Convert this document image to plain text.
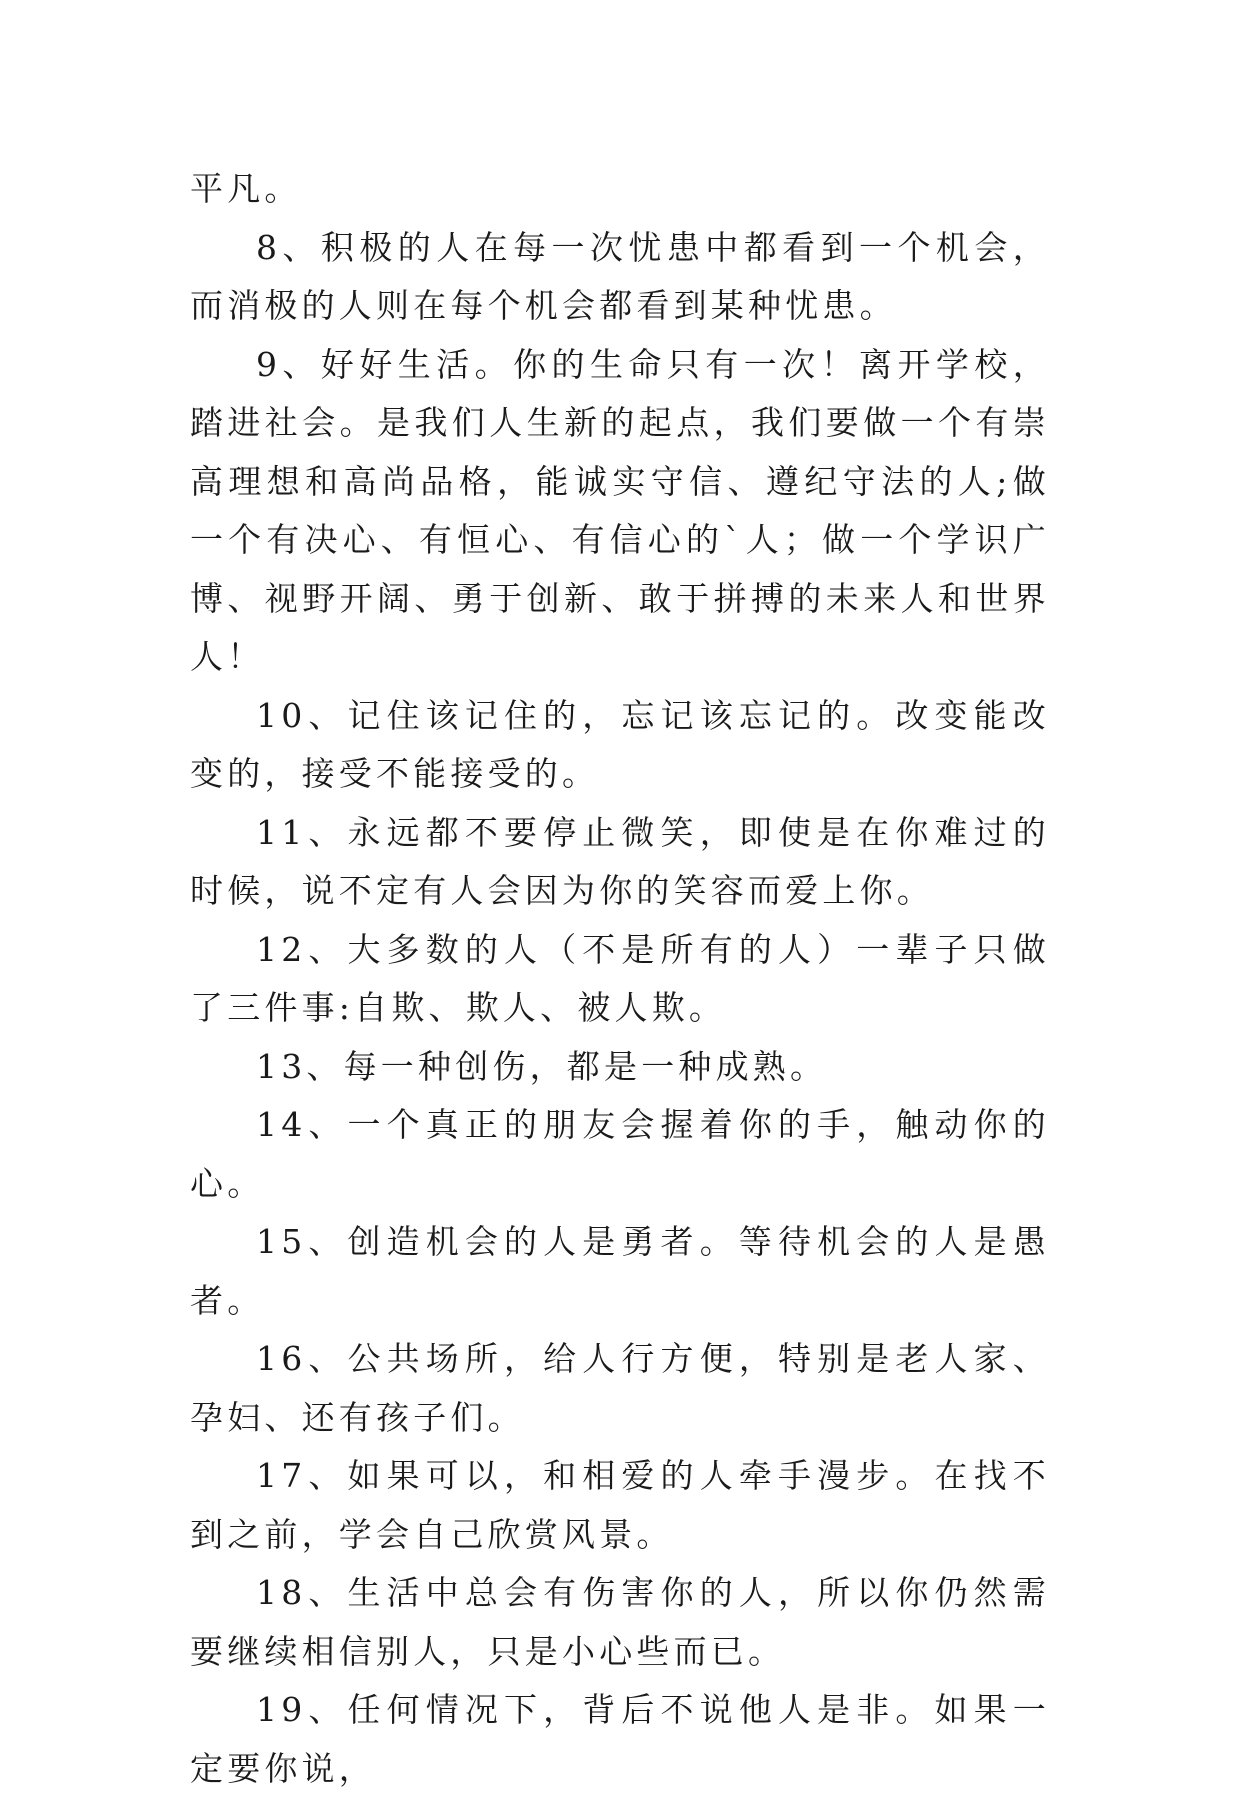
平凡。

8、积极的人在每一次忧患中都看到一个机会，而消极的人则在每个机会都看到某种忧患。

9、好好生活。你的生命只有一次！离开学校，踏进社会。是我们人生新的起点，我们要做一个有崇高理想和高尚品格，能诚实守信、遵纪守法的人;做一个有决心、有恒心、有信心的`人；做一个学识广博、视野开阔、勇于创新、敢于拼搏的未来人和世界人！

10、记住该记住的，忘记该忘记的。改变能改变的，接受不能接受的。

11、永远都不要停止微笑，即使是在你难过的时候，说不定有人会因为你的笑容而爱上你。

12、大多数的人（不是所有的人）一辈子只做了三件事:自欺、欺人、被人欺。

13、每一种创伤，都是一种成熟。

14、一个真正的朋友会握着你的手，触动你的心。

15、创造机会的人是勇者。等待机会的人是愚者。

16、公共场所，给人行方便，特别是老人家、孕妇、还有孩子们。

17、如果可以，和相爱的人牵手漫步。在找不到之前，学会自己欣赏风景。

18、生活中总会有伤害你的人，所以你仍然需要继续相信别人，只是小心些而已。

19、任何情况下，背后不说他人是非。如果一定要你说，
